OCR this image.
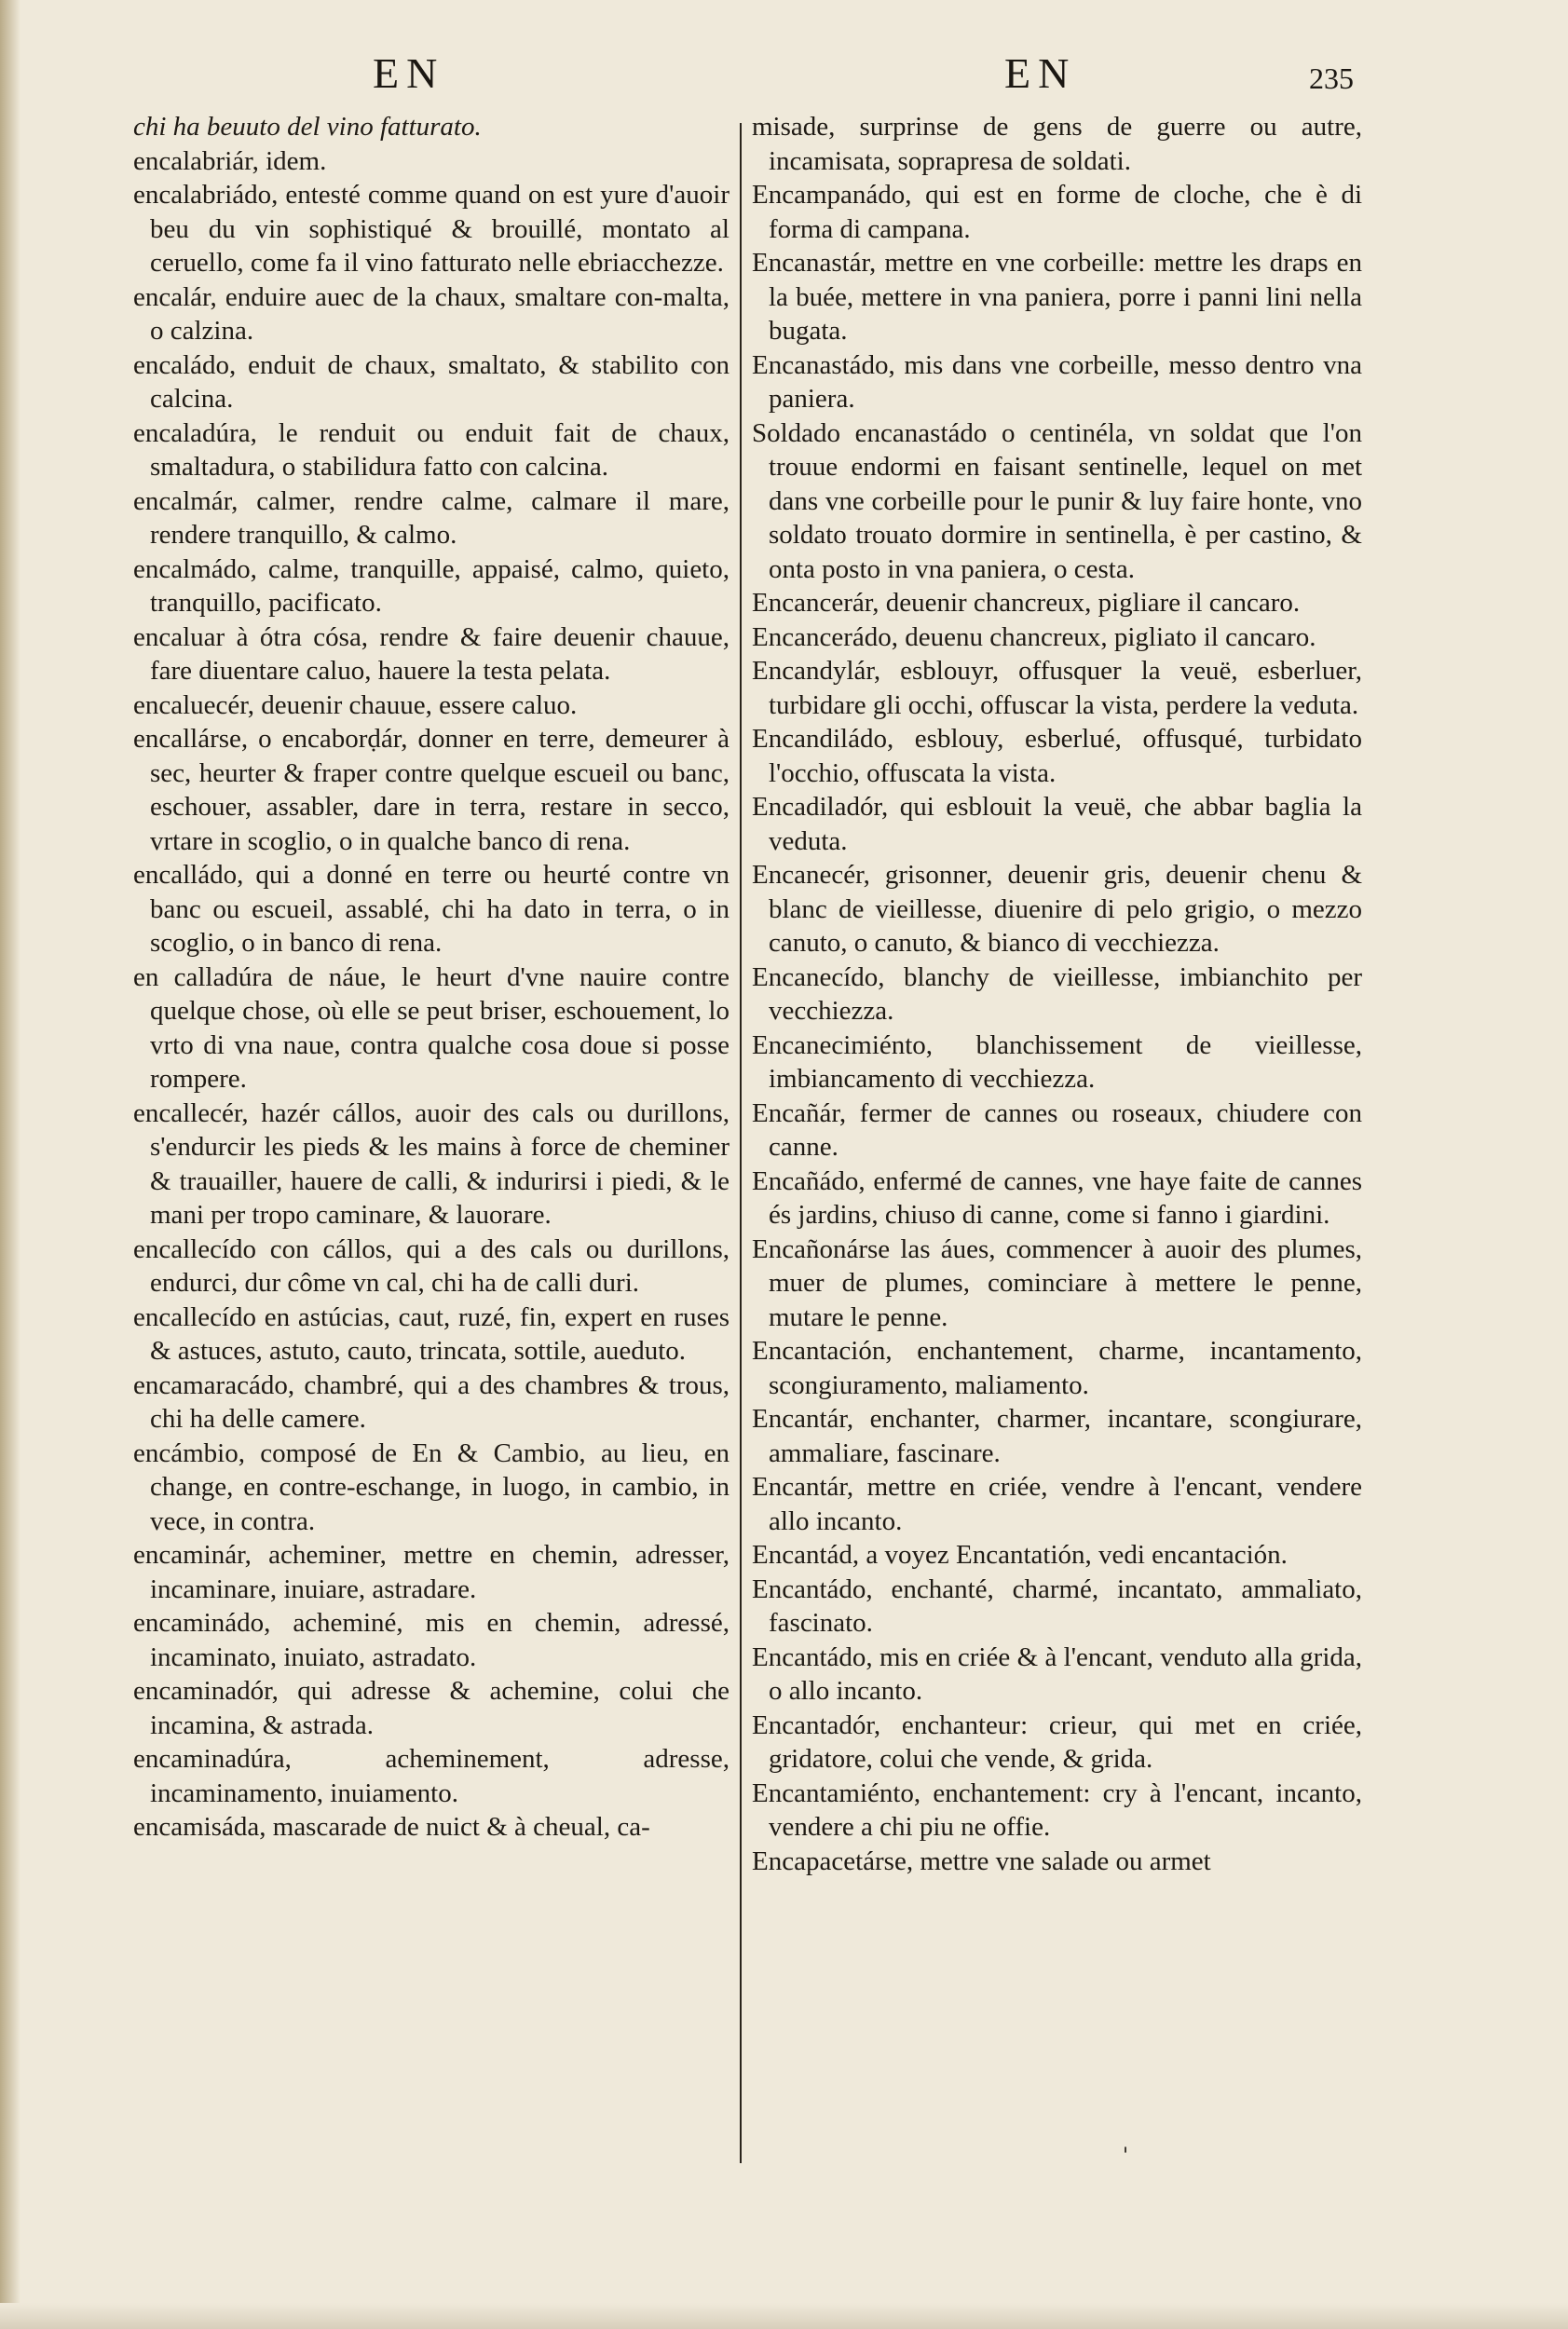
EN	EN	235

chi ha beuuto del vino fatturato.

encalabriár, idem.

encalabriádo, entesté comme quand on est yure d'auoir beu du vin sophistiqué & brouillé, montato al ceruello, come fa il vino fatturato nelle ebriacchezze.

encalár, enduire auec de la chaux, smaltare con-malta, o calzina.

encaládo, enduit de chaux, smaltato, & stabilito con calcina.

encaladúra, le renduit ou enduit fait de chaux, smaltadura, o stabilidura fatto con calcina.

encalmár, calmer, rendre calme, calmare il mare, rendere tranquillo, & calmo.

encalmádo, calme, tranquille, appaisé, calmo, quieto, tranquillo, pacificato.

encaluar à ótra cósa, rendre & faire deuenir chauue, fare diuentare caluo, hauere la testa pelata.

encaluecér, deuenir chauue, essere caluo.

encallárse, o encaborḍár, donner en terre, demeurer à sec, heurter & fraper contre quelque escueil ou banc, eschouer, assabler, dare in terra, restare in secco, vrtare in scoglio, o in qualche banco di rena.

encalládo, qui a donné en terre ou heurté contre vn banc ou escueil, assablé, chi ha dato in terra, o in scoglio, o in banco di rena.

en calladúra de náue, le heurt d'vne nauire contre quelque chose, où elle se peut briser, eschouement, lo vrto di vna naue, contra qualche cosa doue si posse rompere.

encallecér, hazér cállos, auoir des cals ou durillons, s'endurcir les pieds & les mains à force de cheminer & trauailler, hauere de calli, & indurirsi i piedi, & le mani per tropo caminare, & lauorare.

encallecído con cállos, qui a des cals ou durillons, endurci, dur côme vn cal, chi ha de calli duri.

encallecído en astúcias, caut, ruzé, fin, expert en ruses & astuces, astuto, cauto, trincata, sottile, aueduto.

encamaracádo, chambré, qui a des chambres & trous, chi ha delle camere.

encámbio, composé de En & Cambio, au lieu, en change, en contre-eschange, in luogo, in cambio, in vece, in contra.

encaminár, acheminer, mettre en chemin, adresser, incaminare, inuiare, astradare.

encaminádo, acheminé, mis en chemin, adressé, incaminato, inuiato, astradato.

encaminadór, qui adresse & achemine, colui che incamina, & astrada.

encaminadúra, acheminement, adresse, incaminamento, inuiamento.

encamisáda, mascarade de nuict & à cheual, ca-

misade, surprinse de gens de guerre ou autre, incamisata, soprapresa de soldati.

Encampanádo, qui est en forme de cloche, che è di forma di campana.

Encanastár, mettre en vne corbeille: mettre les draps en la buée, mettere in vna paniera, porre i panni lini nella bugata.

Encanastádo, mis dans vne corbeille, messo dentro vna paniera.

Soldado encanastádo o centinéla, vn soldat que l'on trouue endormi en faisant sentinelle, lequel on met dans vne corbeille pour le punir & luy faire honte, vno soldato trouato dormire in sentinella, è per castino, & onta posto in vna paniera, o cesta.

Encancerár, deuenir chancreux, pigliare il cancaro.

Encancerádo, deuenu chancreux, pigliato il cancaro.

Encandylár, esblouyr, offusquer la veuë, esberluer, turbidare gli occhi, offuscar la vista, perdere la veduta.

Encandiládo, esblouy, esberlué, offusqué, turbidato l'occhio, offuscata la vista.

Encadiladór, qui esblouit la veuë, che abbar baglia la veduta.

Encanecér, grisonner, deuenir gris, deuenir chenu & blanc de vieillesse, diuenire di pelo grigio, o mezzo canuto, o canuto, & bianco di vecchiezza.

Encanecído, blanchy de vieillesse, imbianchito per vecchiezza.

Encanecimiénto, blanchissement de vieillesse, imbiancamento di vecchiezza.

Encañár, fermer de cannes ou roseaux, chiudere con canne.

Encañádo, enfermé de cannes, vne haye faite de cannes és jardins, chiuso di canne, come si fanno i giardini.

Encañonárse las áues, commencer à auoir des plumes, muer de plumes, cominciare à mettere le penne, mutare le penne.

Encantación, enchantement, charme, incantamento, scongiuramento, maliamento.

Encantár, enchanter, charmer, incantare, scongiurare, ammaliare, fascinare.

Encantár, mettre en criée, vendre à l'encant, vendere allo incanto.

Encantád, a voyez Encantatión, vedi encantación.

Encantádo, enchanté, charmé, incantato, ammaliato, fascinato.

Encantádo, mis en criée & à l'encant, venduto alla grida, o allo incanto.

Encantadór, enchanteur: crieur, qui met en criée, gridatore, colui che vende, & grida.

Encantamiénto, enchantement: cry à l'encant, incanto, vendere a chi piu ne offie.

Encapacetárse, mettre vne salade ou armet

'
